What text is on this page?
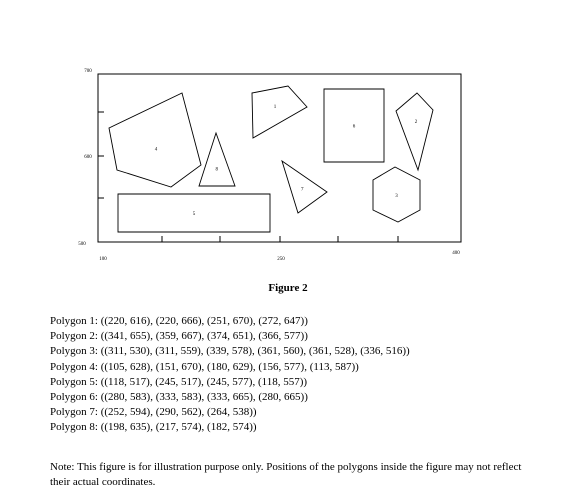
700
600
500
100	250
400
1
2
3
4
5
6
7
8
Figure 2
Polygon 1: ((220, 616), (220, 666), (251, 670), (272, 647))
Polygon 2: ((341, 655), (359, 667), (374, 651), (366, 577))
Polygon 3: ((311, 530), (311, 559), (339, 578), (361, 560), (361, 528), (336, 516))
Polygon 4: ((105, 628), (151, 670), (180, 629), (156, 577), (113, 587))
Polygon 5: ((118, 517), (245, 517), (245, 577), (118, 557))
Polygon 6: ((280, 583), (333, 583), (333, 665), (280, 665))
Polygon 7: ((252, 594), (290, 562), (264, 538))
Polygon 8: ((198, 635), (217, 574), (182, 574))
Note: This figure is for illustration purpose only. Positions of the polygons inside the figure may not reflect their actual coordinates.
